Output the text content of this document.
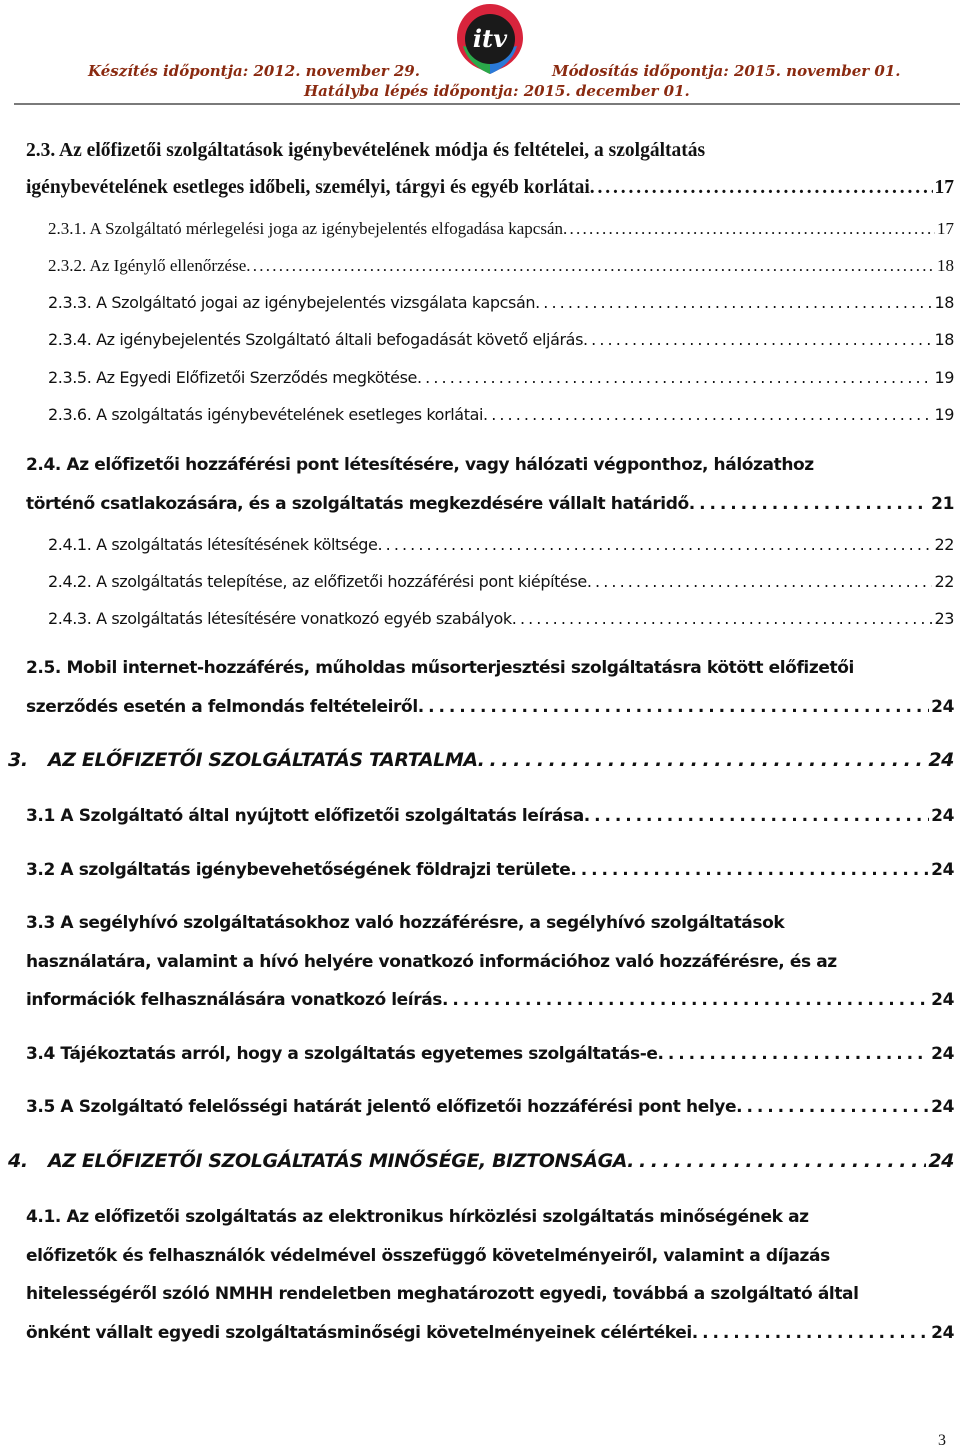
itv
Készítés időpontja: 2012. november 29.	Módosítás időpontja: 2015. november 01.
Hatályba lépés időpontja: 2015. december 01.
2.3. Az előfizetői szolgáltatások igénybevételének módja és feltételei, a szolgáltatás
igénybevételének esetleges időbeli, személyi, tárgyi és egyéb korlátai . . .	17
2.3.1. A Szolgáltató mérlegelési joga az igénybejelentés elfogadása kapcsán . . .	17
2.3.2. Az Igénylő ellenőrzése . . .	18
2.3.3. A Szolgáltató jogai az igénybejelentés vizsgálata kapcsán . . .	18
2.3.4. Az igénybejelentés Szolgáltató általi befogadását követő eljárás . . .	18
2.3.5. Az Egyedi Előfizetői Szerződés megkötése . . .	19
2.3.6. A szolgáltatás igénybevételének esetleges korlátai . . .	19
2.4. Az előfizetői hozzáférési pont létesítésére, vagy hálózati végponthoz, hálózathoz
történő csatlakozására, és a szolgáltatás megkezdésére vállalt határidő . . .	21
2.4.1. A szolgáltatás létesítésének költsége . . .	22
2.4.2. A szolgáltatás telepítése, az előfizetői hozzáférési pont kiépítése . . .	22
2.4.3. A szolgáltatás létesítésére vonatkozó egyéb szabályok . . .	23
2.5. Mobil internet-hozzáférés, műholdas műsorterjesztési szolgáltatásra kötött előfizetői
szerződés esetén a felmondás feltételeiről . . .	24
3.	AZ ELŐFIZETŐI SZOLGÁLTATÁS TARTALMA . . .	24
3.1 A Szolgáltató által nyújtott előfizetői szolgáltatás leírása . . .	24
3.2 A szolgáltatás igénybevehetőségének földrajzi területe . . .	24
3.3 A segélyhívó szolgáltatásokhoz való hozzáférésre, a segélyhívó szolgáltatások
használatára, valamint a hívó helyére vonatkozó információhoz való hozzáférésre, és az
információk felhasználására vonatkozó leírás . . .	24
3.4 Tájékoztatás arról, hogy a szolgáltatás egyetemes szolgáltatás-e . . .	24
3.5 A Szolgáltató felelősségi határát jelentő előfizetői hozzáférési pont helye . . .	24
4.	AZ ELŐFIZETŐI SZOLGÁLTATÁS MINŐSÉGE, BIZTONSÁGA . . .	24
4.1. Az előfizetői szolgáltatás az elektronikus hírközlési szolgáltatás minőségének az
előfizetők és felhasználók védelmével összefüggő követelményeiről, valamint a díjazás
hitelességéről szóló NMHH rendeletben meghatározott egyedi, továbbá a szolgáltató által
önként vállalt egyedi szolgáltatásminőségi követelményeinek célértékei . . .	24
3
